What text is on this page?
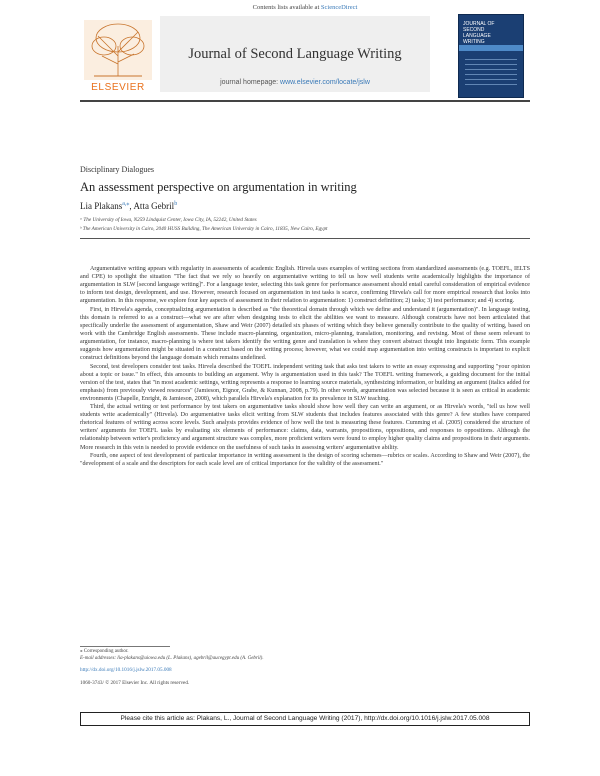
Contents lists available at ScienceDirect
ELSEVIER
Journal of Second Language Writing
journal homepage: www.elsevier.com/locate/jslw
JOURNAL OF SECOND LANGUAGE WRITING
Disciplinary Dialogues
An assessment perspective on argumentation in writing
Lia Plakans$^{a,⁎}$, Atta Gebril$^b$
ᵃ The University of Iowa, N259 Lindquist Center, Iowa City, IA, 52242, United States
ᵇ The American University in Cairo, 2040 HUSS Building, The American University in Cairo, 11835, New Cairo, Egypt

Argumentative writing appears with regularity in assessments of academic English. Hirvela uses examples of writing sections from standardized assessments (e.g. TOEFL, IELTS and CPE) to spotlight the situation "The fact that we rely so heavily on argumentative writing to tell us how well students write academically highlights the importance of argumentation in SLW [second language writing]". For a language tester, selecting this task genre for performance assessment should entail careful consideration of empirical evidence to inform test design, development, and use. However, research focused on argumentation in test tasks is scarce, confirming Hirvela's call for more empirical research that looks into argumentation. In this response, we explore four key aspects of assessment in their relation to argumentation: 1) construct definition; 2) tasks; 3) test performance; and 4) scoring.

First, in Hirvela's agenda, conceptualizing argumentation is described as "the theoretical domain through which we define and understand it (argumentation)". In language testing, this domain is referred to as a construct—what we are after when designing tests to elicit the abilities we want to measure. Although constructs have not been articulated that specifically underlie the assessment of argumentation, Shaw and Weir (2007) detailed six phases of writing which they believe generally contribute to the quality of writing, based on work with the Cambridge English assessments. These include macro-planning, organization, micro-planning, translation, monitoring, and revising. Most of these seem relevant to argumentation, for instance, macro-planning is where test takers identify the writing genre and translation is where they convert abstract thought into linguistic form. This example suggests how argumentation might be situated in a construct based on the writing process; however, what we could map argumentation into writing constructs is important to explicit construct definitions beyond the language domain which remains undefined.

Second, test developers consider test tasks. Hirvela described the TOEFL independent writing task that asks test takers to write an essay expressing and supporting "your opinion about a topic or issue." In effect, this amounts to building an argument. Why is argumentation used in this task? The TOEFL writing framework, a guiding document for the initial version of the test, states that "in most academic settings, writing represents a response to learning source materials, synthesizing information, or building an argument (italics added for emphasis) from previously viewed resources" (Jamieson, Eignor, Grabe, & Kunnan, 2008, p.79). In other words, argumentation was selected because it is seen as critical in academic environments (Chapelle, Enright, & Jamieson, 2008), which parallels Hirvela's explanation for its prevalence in SLW teaching.

Third, the actual writing or test performance by test takers on argumentative tasks should show how well they can write an argument, or as Hirvela's words, "tell us how well students write academically" (Hirvela). Do argumentative tasks elicit writing from SLW students that includes features associated with this genre? A few studies have compared rhetorical features of writing across score levels. Such analysis provides evidence of how well the test is measuring these features. Cumming et al. (2005) considered the structure of writers' arguments for TOEFL tasks by evaluating six elements of performance: claims, data, warrants, propositions, oppositions, and responses to oppositions. Although the relationship between writer's proficiency and argument structure was complex, more proficient writers were found to employ higher quality claims and propositions in their arguments. More research in this vein is needed to provide evidence on the usefulness of such tasks in assessing writers' argumentative ability.

Fourth, one aspect of test development of particular importance in writing assessment is the design of scoring schemes—rubrics or scales. According to Shaw and Weir (2007), the "development of a scale and the descriptors for each scale level are of critical importance for the validity of the assessment."

⁎ Corresponding author.
E-mail addresses: lia-plakans@uiowa.edu (L. Plakans), agebril@aucegypt.edu (A. Gebril).
http://dx.doi.org/10.1016/j.jslw.2017.05.008
1060-3743/ © 2017 Elsevier Inc. All rights reserved.
Please cite this article as: Plakans, L., Journal of Second Language Writing (2017), http://dx.doi.org/10.1016/j.jslw.2017.05.008
